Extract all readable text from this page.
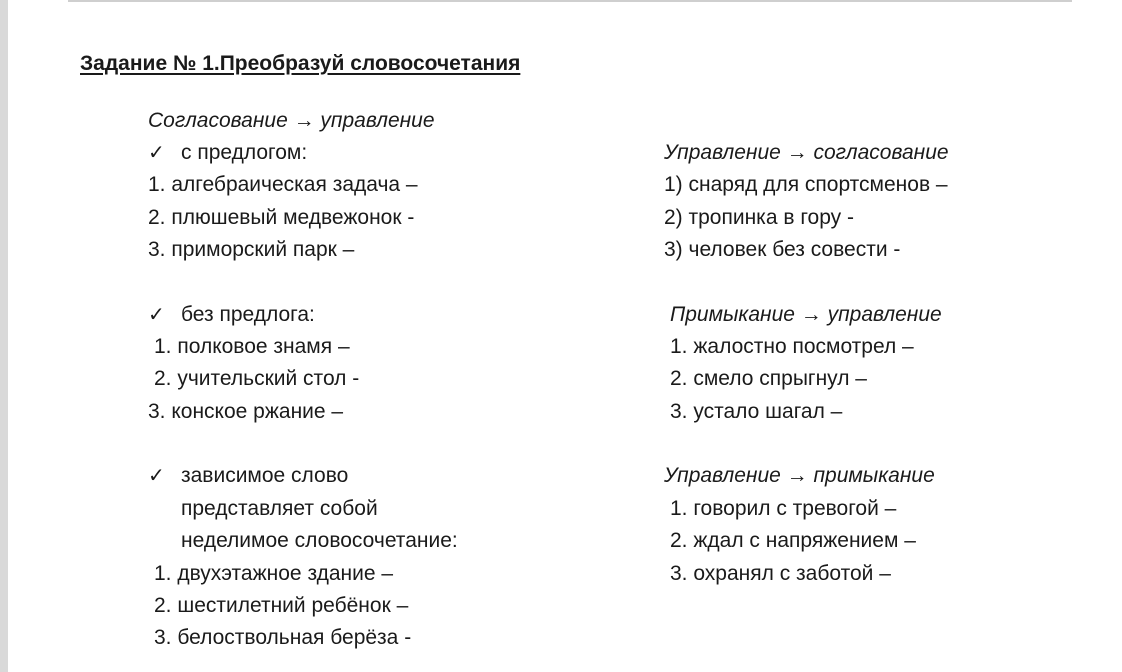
Задание № 1.Преобразуй словосочетания
Согласование → управление
✓ с предлогом:
1. алгебраическая задача –
2. плюшевый медвежонок -
3. приморский парк –
✓ без предлога:
1. полковое знамя –
2. учительский стол -
3. конское ржание –
✓ зависимое слово
представляет собой
неделимое словосочетание:
1. двухэтажное здание –
2. шестилетний ребёнок –
3. белоствольная берёза -
Управление → согласование
1) снаряд для спортсменов –
2) тропинка в гору -
3) человек без совести -
Примыкание → управление
1. жалостно посмотрел –
2. смело спрыгнул –
3. устало шагал –
Управление → примыкание
1. говорил с тревогой –
2. ждал с напряжением –
3. охранял с заботой –
